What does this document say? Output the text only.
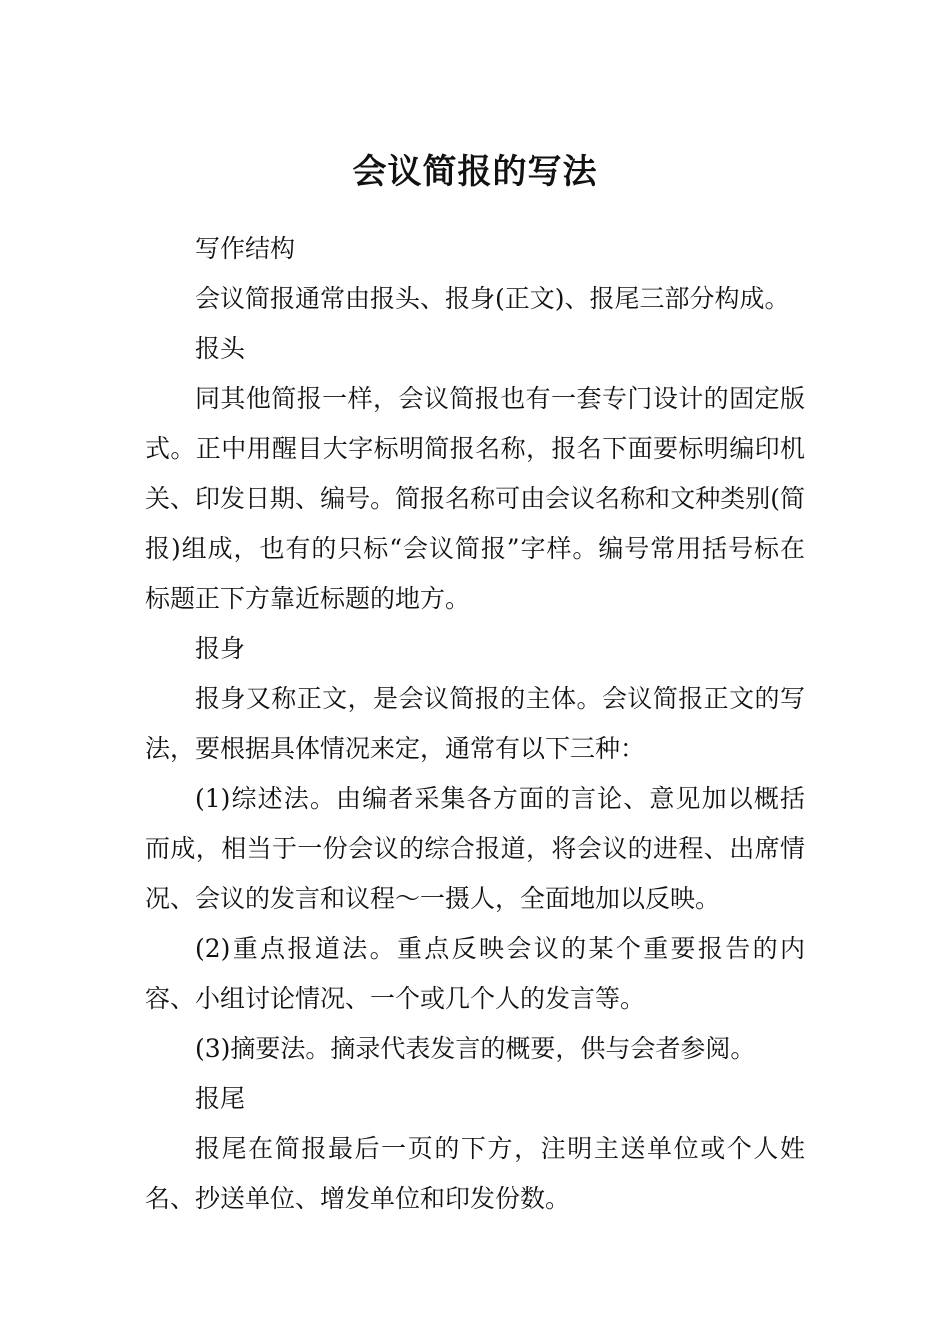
会议简报的写法

写作结构

会议简报通常由报头、报身(正文)、报尾三部分构成。

报头

同其他简报一样，会议简报也有一套专门设计的固定版式。正中用醒目大字标明简报名称，报名下面要标明编印机关、印发日期、编号。简报名称可由会议名称和文种类别(简报)组成，也有的只标“会议简报”字样。编号常用括号标在标题正下方靠近标题的地方。

报身

报身又称正文，是会议简报的主体。会议简报正文的写法，要根据具体情况来定，通常有以下三种：

(1)综述法。由编者采集各方面的言论、意见加以概括而成，相当于一份会议的综合报道，将会议的进程、出席情况、会议的发言和议程～一摄人，全面地加以反映。

(2)重点报道法。重点反映会议的某个重要报告的内容、小组讨论情况、一个或几个人的发言等。

(3)摘要法。摘录代表发言的概要，供与会者参阅。

报尾

报尾在简报最后一页的下方，注明主送单位或个人姓名、抄送单位、增发单位和印发份数。
